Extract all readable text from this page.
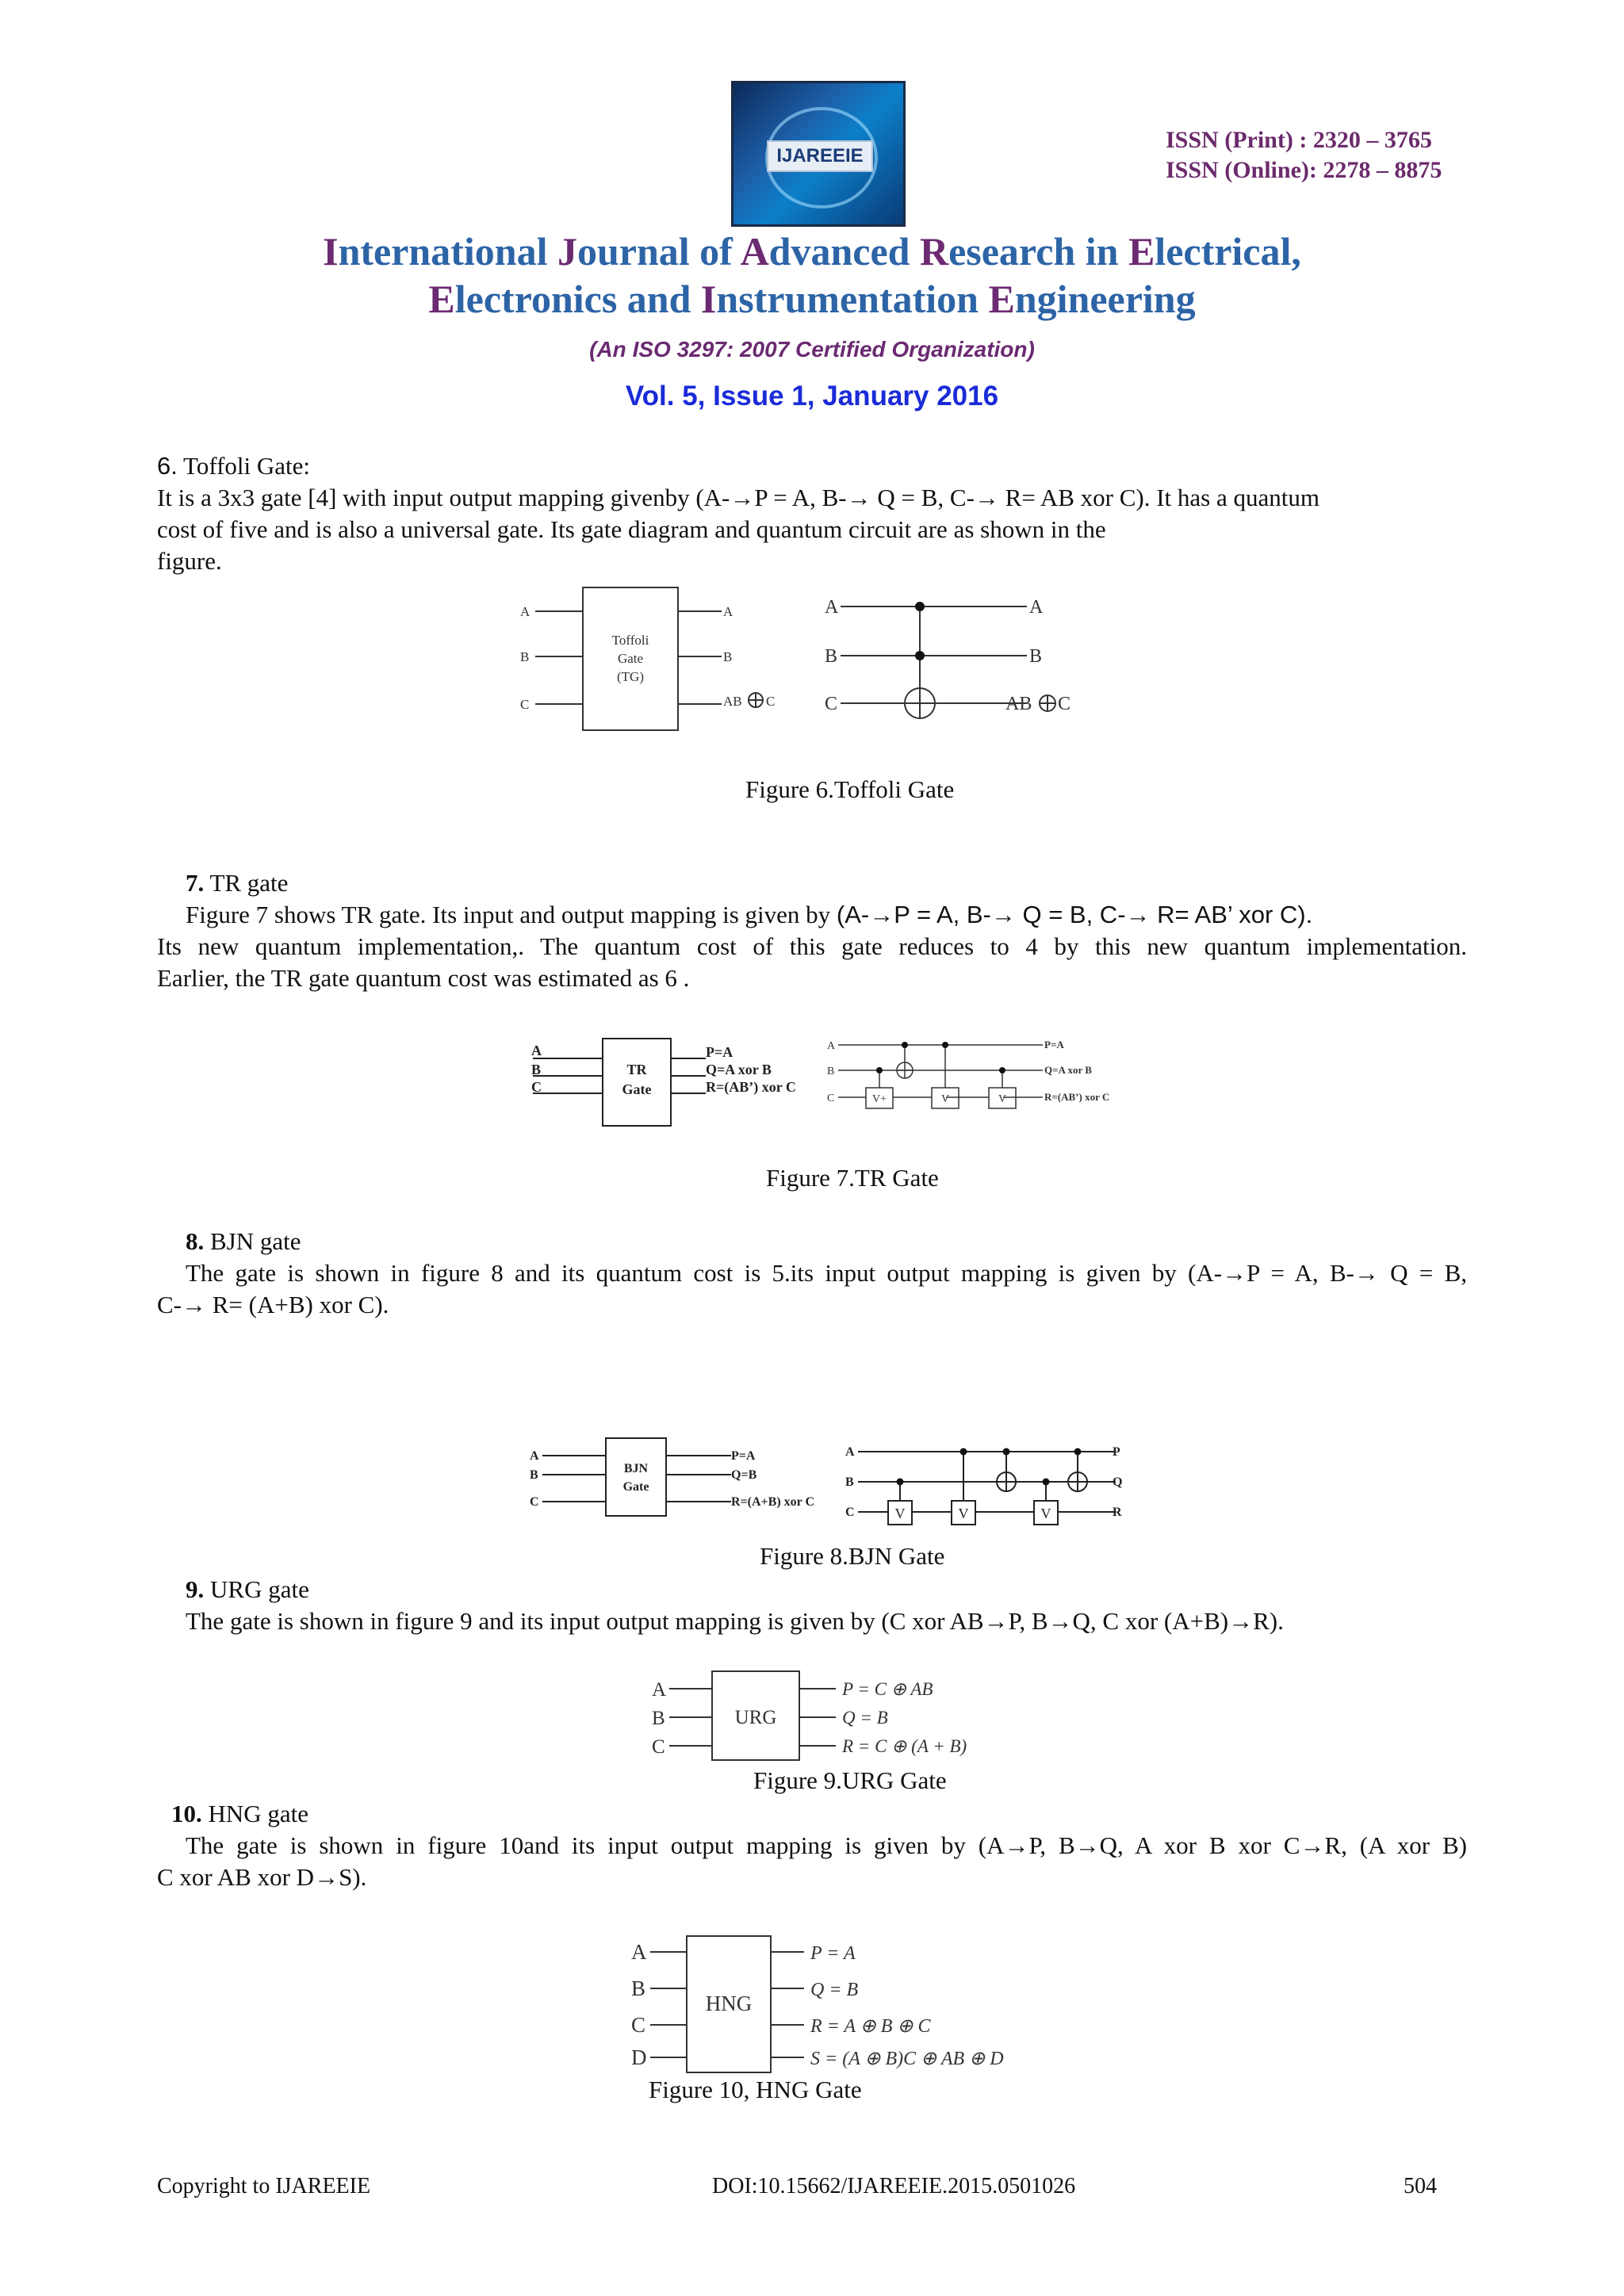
IJAREEIE
ISSN (Print) : 2320 – 3765
ISSN (Online): 2278 – 8875
International Journal of Advanced Research in Electrical,
Electronics and Instrumentation Engineering
(An ISO 3297: 2007 Certified Organization)
Vol. 5, Issue 1, January 2016
6. Toffoli Gate:
It is a 3x3 gate [4] with input output mapping givenby (A-→P = A, B-→ Q = B, C-→ R= AB xor C). It has a quantum
cost of five and is also a universal gate. Its gate diagram and quantum circuit are as shown in the
figure.
A
B
C
Toffoli
Gate
(TG)
A
B
AB C
A
B
C
A
B
AB C
Figure 6.Toffoli Gate
7. TR gate
Figure 7 shows TR gate. Its input and output mapping is given by (A-→P = A, B-→ Q = B, C-→ R= AB’ xor C).
Its new quantum implementation,. The quantum cost of this gate reduces to 4 by this new quantum implementation.
Earlier, the TR gate quantum cost was estimated as 6 .
A
B
C
TR
Gate
P=A
Q=A xor B
R=(AB’) xor C
A
B
C	V+	V	V
P=A
Q=A xor B
R=(AB’) xor C
Figure 7.TR Gate
8. BJN gate
The gate is shown in figure 8 and its quantum cost is 5.its input output mapping is given by (A-→P = A, B-→ Q = B,
C-→ R= (A+B) xor C).
A
B
C
BJN
Gate
P=A
Q=B
R=(A+B) xor C
A
B
C
P
Q
R
V	V	V
Figure 8.BJN Gate
9. URG gate
The gate is shown in figure 9 and its input output mapping is given by (C xor AB→P, B→Q, C xor (A+B)→R).
A
B
C
URG
P = C ⊕ AB
Q = B
R = C ⊕ (A + B)
Figure 9.URG Gate
10. HNG gate
The gate is shown in figure 10and its input output mapping is given by (A→P, B→Q, A xor B xor C→R, (A xor B)
C xor AB xor D→S).
A
B
C
D
HNG
P = A
Q = B
R = A ⊕ B ⊕ C
S = (A ⊕ B)C ⊕ AB ⊕ D
Figure 10, HNG Gate
Copyright to IJAREEIE	DOI:10.15662/IJAREEIE.2015.0501026	504
